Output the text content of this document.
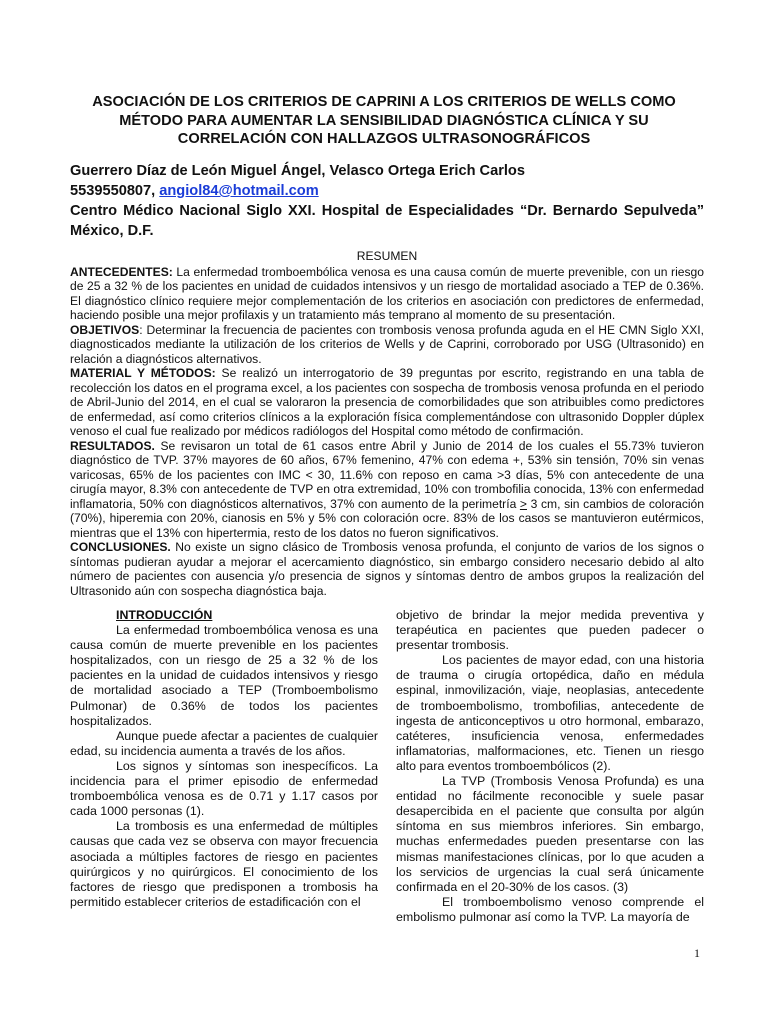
ASOCIACIÓN DE LOS CRITERIOS DE CAPRINI A LOS CRITERIOS DE WELLS COMO MÉTODO PARA AUMENTAR LA SENSIBILIDAD DIAGNÓSTICA CLÍNICA Y SU CORRELACIÓN CON HALLAZGOS ULTRASONOGRÁFICOS
Guerrero Díaz de León Miguel Ángel, Velasco Ortega Erich Carlos
5539550807, angiol84@hotmail.com
Centro Médico Nacional Siglo XXI. Hospital de Especialidades “Dr. Bernardo Sepulveda” México, D.F.
RESUMEN

ANTECEDENTES: La enfermedad tromboembólica venosa es una causa común de muerte prevenible, con un riesgo de 25 a 32 % de los pacientes en unidad de cuidados intensivos y un riesgo de mortalidad asociado a TEP de 0.36%. El diagnóstico clínico requiere mejor complementación de los criterios en asociación con predictores de enfermedad, haciendo posible una mejor profilaxis y un tratamiento más temprano al momento de su presentación.

OBJETIVOS: Determinar la frecuencia de pacientes con trombosis venosa profunda aguda en el HE CMN Siglo XXI, diagnosticados mediante la utilización de los criterios de Wells y de Caprini, corroborado por USG (Ultrasonido) en relación a diagnósticos alternativos.

MATERIAL Y MÉTODOS: Se realizó un interrogatorio de 39 preguntas por escrito, registrando en una tabla de recolección los datos en el programa excel, a los pacientes con sospecha de trombosis venosa profunda en el periodo de Abril-Junio del 2014, en el cual se valoraron la presencia de comorbilidades que son atribuibles como predictores de enfermedad, así como criterios clínicos a la exploración física complementándose con ultrasonido Doppler dúplex venoso el cual fue realizado por médicos radiólogos del Hospital como método de confirmación.

RESULTADOS. Se revisaron un total de 61 casos entre Abril y Junio de 2014 de los cuales el 55.73% tuvieron diagnóstico de TVP. 37% mayores de 60 años, 67% femenino, 47% con edema +, 53% sin tensión, 70% sin venas varicosas, 65% de los pacientes con IMC < 30, 11.6% con reposo en cama >3 días, 5% con antecedente de una cirugía mayor, 8.3% con antecedente de TVP en otra extremidad, 10% con trombofilia conocida, 13% con enfermedad inflamatoria, 50% con diagnósticos alternativos, 37% con aumento de la perimetría ≥ 3 cm, sin cambios de coloración (70%), hiperemia con 20%, cianosis en 5% y 5% con coloración ocre. 83% de los casos se mantuvieron eutérmicos, mientras que el 13% con hipertermia, resto de los datos no fueron significativos.

CONCLUSIONES. No existe un signo clásico de Trombosis venosa profunda, el conjunto de varios de los signos o síntomas pudieran ayudar a mejorar el acercamiento diagnóstico, sin embargo considero necesario debido al alto número de pacientes con ausencia y/o presencia de signos y síntomas dentro de ambos grupos la realización del Ultrasonido aún con sospecha diagnóstica baja.

INTRODUCCIÓN

La enfermedad tromboembólica venosa es una causa común de muerte prevenible en los pacientes hospitalizados, con un riesgo de 25 a 32 % de los pacientes en la unidad de cuidados intensivos y riesgo de mortalidad asociado a TEP (Tromboembolismo Pulmonar) de 0.36% de todos los pacientes hospitalizados.

Aunque puede afectar a pacientes de cualquier edad, su incidencia aumenta a través de los años.

Los signos y síntomas son inespecíficos. La incidencia para el primer episodio de enfermedad tromboembólica venosa es de 0.71 y 1.17 casos por cada 1000 personas (1).

La trombosis es una enfermedad de múltiples causas que cada vez se observa con mayor frecuencia asociada a múltiples factores de riesgo en pacientes quirúrgicos y no quirúrgicos. El conocimiento de los factores de riesgo que predisponen a trombosis ha permitido establecer criterios de estadificación con el

objetivo de brindar la mejor medida preventiva y terapéutica en pacientes que pueden padecer o presentar trombosis.

Los pacientes de mayor edad, con una historia de trauma o cirugía ortopédica, daño en médula espinal, inmovilización, viaje, neoplasias, antecedente de tromboembolismo, trombofilias, antecedente de ingesta de anticonceptivos u otro hormonal, embarazo, catéteres, insuficiencia venosa, enfermedades inflamatorias, malformaciones, etc. Tienen un riesgo alto para eventos tromboembólicos (2).

La TVP (Trombosis Venosa Profunda) es una entidad no fácilmente reconocible y suele pasar desapercibida en el paciente que consulta por algún síntoma en sus miembros inferiores. Sin embargo, muchas enfermedades pueden presentarse con las mismas manifestaciones clínicas, por lo que acuden a los servicios de urgencias la cual será únicamente confirmada en el 20-30% de los casos. (3)

El tromboembolismo venoso comprende el embolismo pulmonar así como la TVP. La mayoría de

1
